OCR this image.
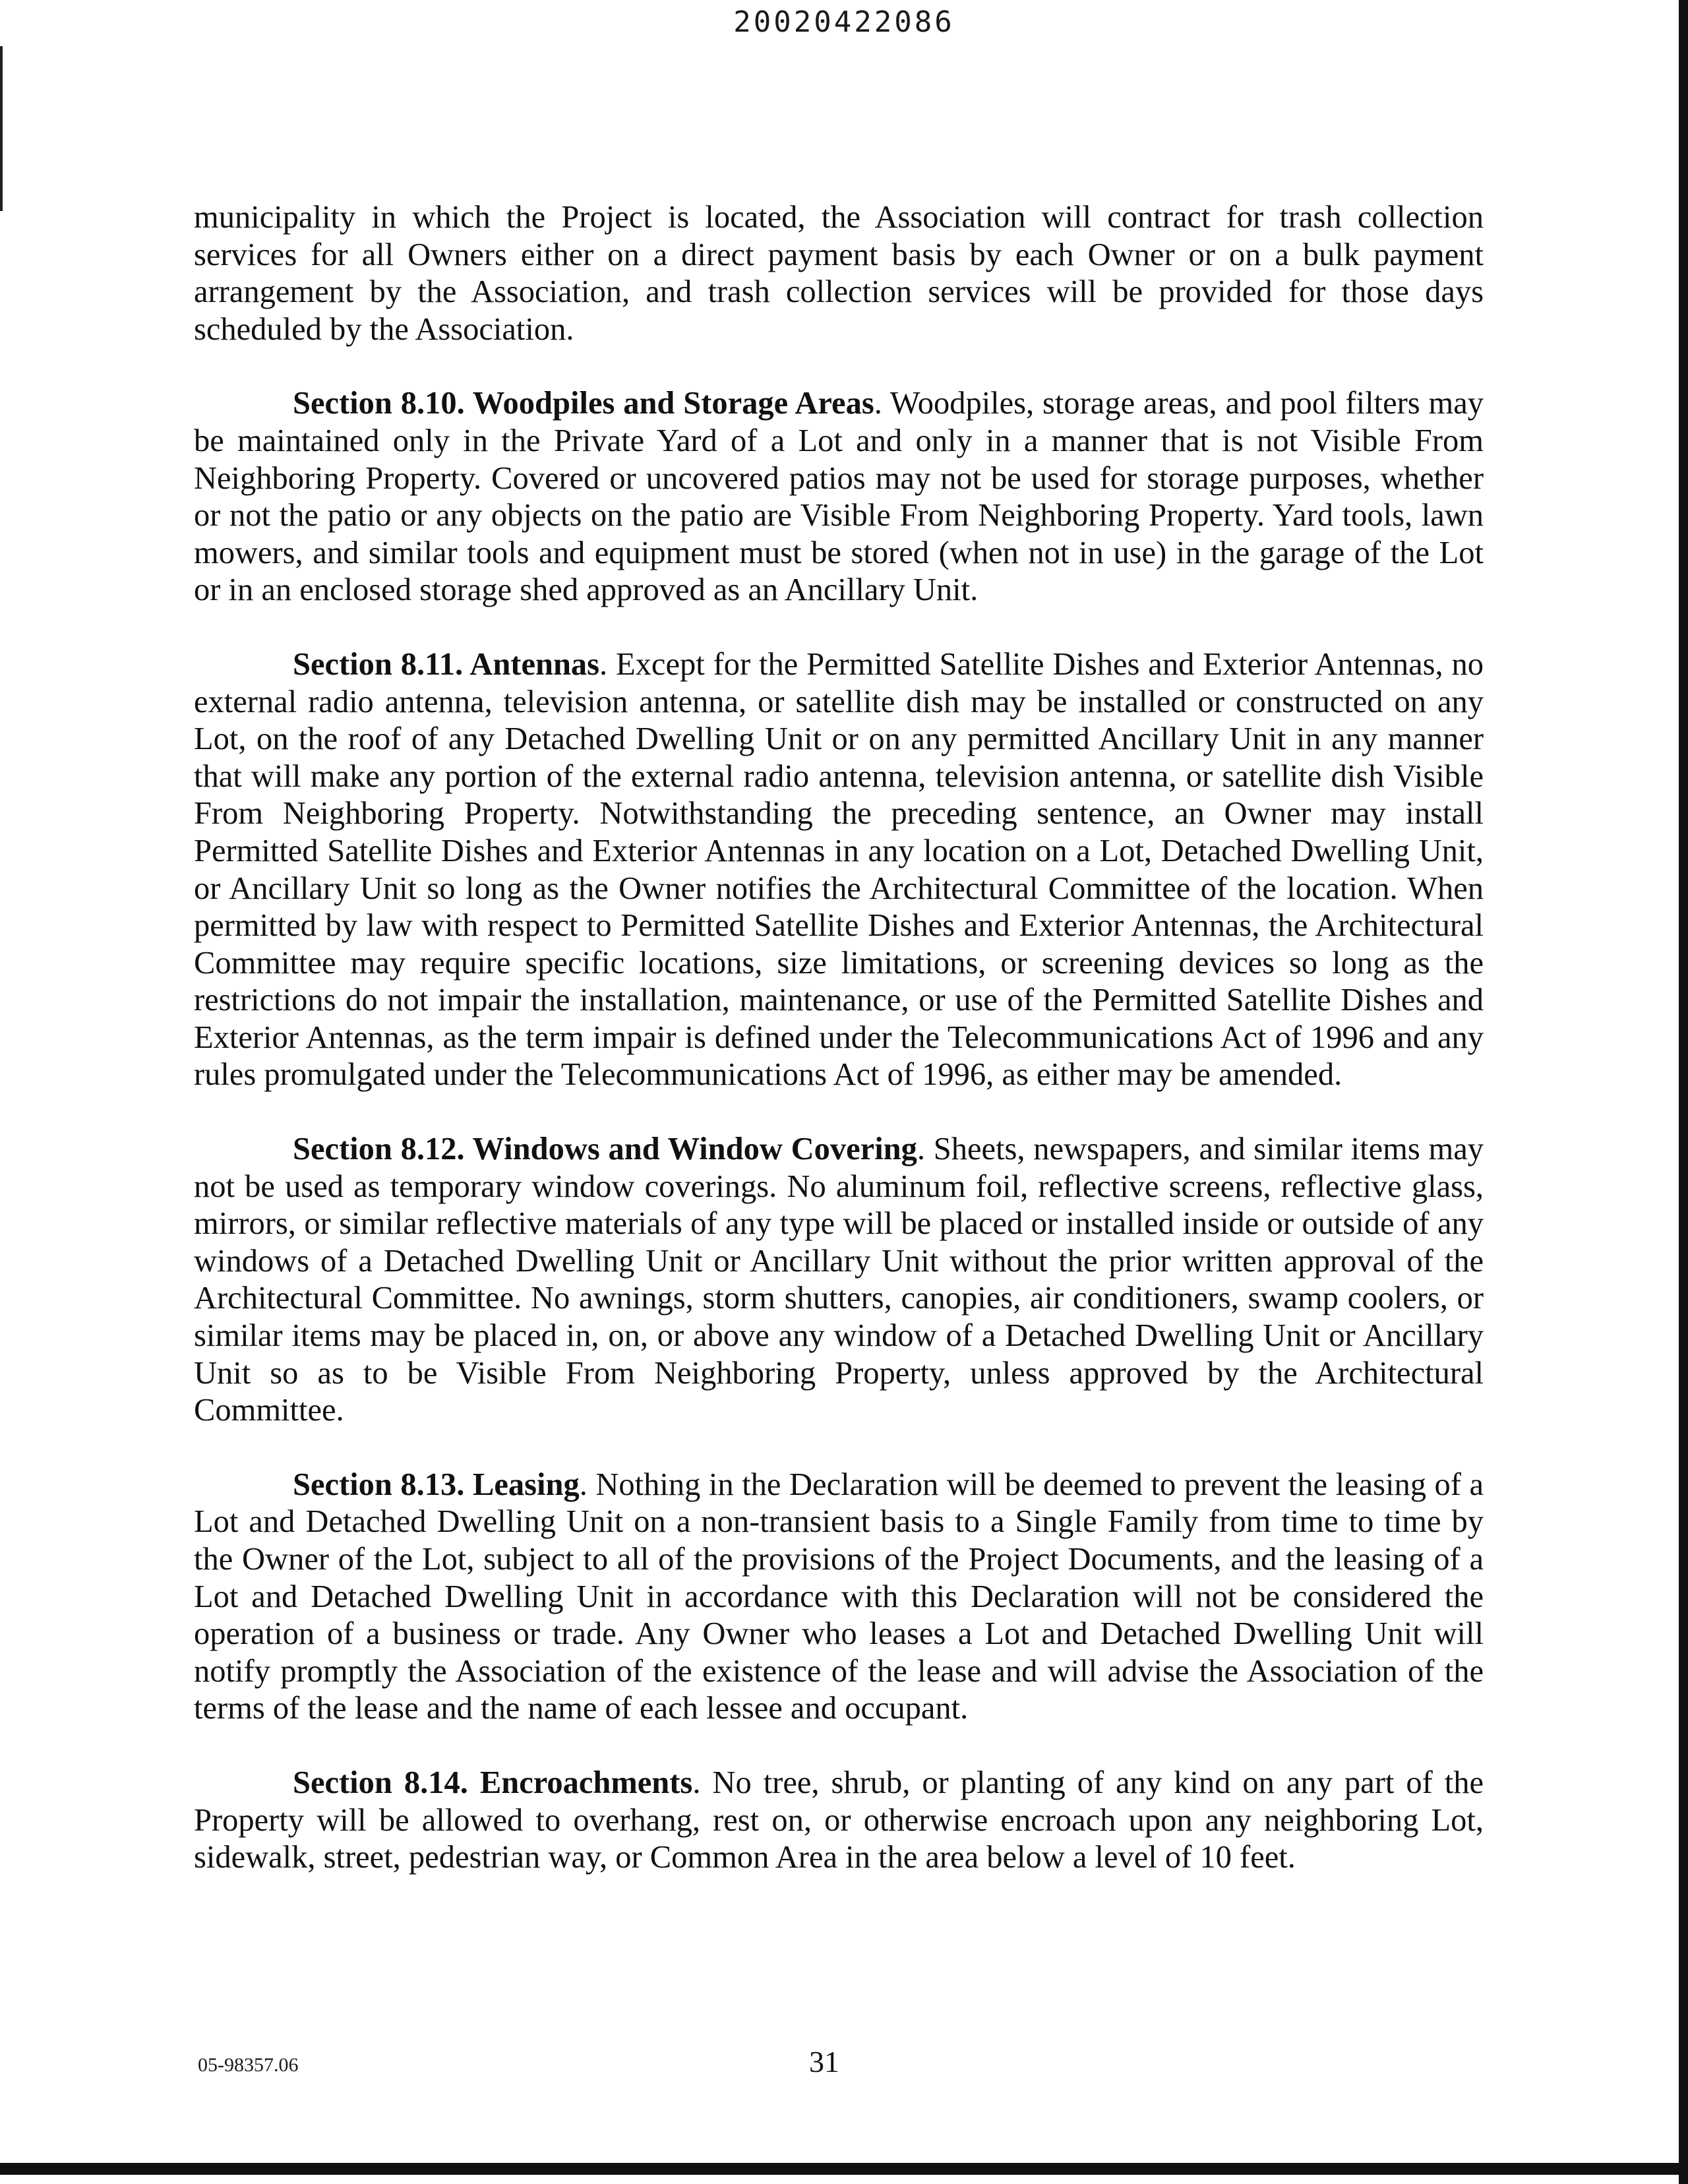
20020422086

municipality in which the Project is located, the Association will contract for trash collection services for all Owners either on a direct payment basis by each Owner or on a bulk payment arrangement by the Association, and trash collection services will be provided for those days scheduled by the Association.

Section 8.10. Woodpiles and Storage Areas. Woodpiles, storage areas, and pool filters may be maintained only in the Private Yard of a Lot and only in a manner that is not Visible From Neighboring Property. Covered or uncovered patios may not be used for storage purposes, whether or not the patio or any objects on the patio are Visible From Neighboring Property. Yard tools, lawn mowers, and similar tools and equipment must be stored (when not in use) in the garage of the Lot or in an enclosed storage shed approved as an Ancillary Unit.

Section 8.11. Antennas. Except for the Permitted Satellite Dishes and Exterior Antennas, no external radio antenna, television antenna, or satellite dish may be installed or constructed on any Lot, on the roof of any Detached Dwelling Unit or on any permitted Ancillary Unit in any manner that will make any portion of the external radio antenna, television antenna, or satellite dish Visible From Neighboring Property. Notwithstanding the preceding sentence, an Owner may install Permitted Satellite Dishes and Exterior Antennas in any location on a Lot, Detached Dwelling Unit, or Ancillary Unit so long as the Owner notifies the Architectural Committee of the location. When permitted by law with respect to Permitted Satellite Dishes and Exterior Antennas, the Architectural Committee may require specific locations, size limitations, or screening devices so long as the restrictions do not impair the installation, maintenance, or use of the Permitted Satellite Dishes and Exterior Antennas, as the term impair is defined under the Telecommunications Act of 1996 and any rules promulgated under the Telecommunications Act of 1996, as either may be amended.

Section 8.12. Windows and Window Covering. Sheets, newspapers, and similar items may not be used as temporary window coverings. No aluminum foil, reflective screens, reflective glass, mirrors, or similar reflective materials of any type will be placed or installed inside or outside of any windows of a Detached Dwelling Unit or Ancillary Unit without the prior written approval of the Architectural Committee. No awnings, storm shutters, canopies, air conditioners, swamp coolers, or similar items may be placed in, on, or above any window of a Detached Dwelling Unit or Ancillary Unit so as to be Visible From Neighboring Property, unless approved by the Architectural Committee.

Section 8.13. Leasing. Nothing in the Declaration will be deemed to prevent the leasing of a Lot and Detached Dwelling Unit on a non-transient basis to a Single Family from time to time by the Owner of the Lot, subject to all of the provisions of the Project Documents, and the leasing of a Lot and Detached Dwelling Unit in accordance with this Declaration will not be considered the operation of a business or trade. Any Owner who leases a Lot and Detached Dwelling Unit will notify promptly the Association of the existence of the lease and will advise the Association of the terms of the lease and the name of each lessee and occupant.

Section 8.14. Encroachments. No tree, shrub, or planting of any kind on any part of the Property will be allowed to overhang, rest on, or otherwise encroach upon any neighboring Lot, sidewalk, street, pedestrian way, or Common Area in the area below a level of 10 feet.

05-98357.06	31
